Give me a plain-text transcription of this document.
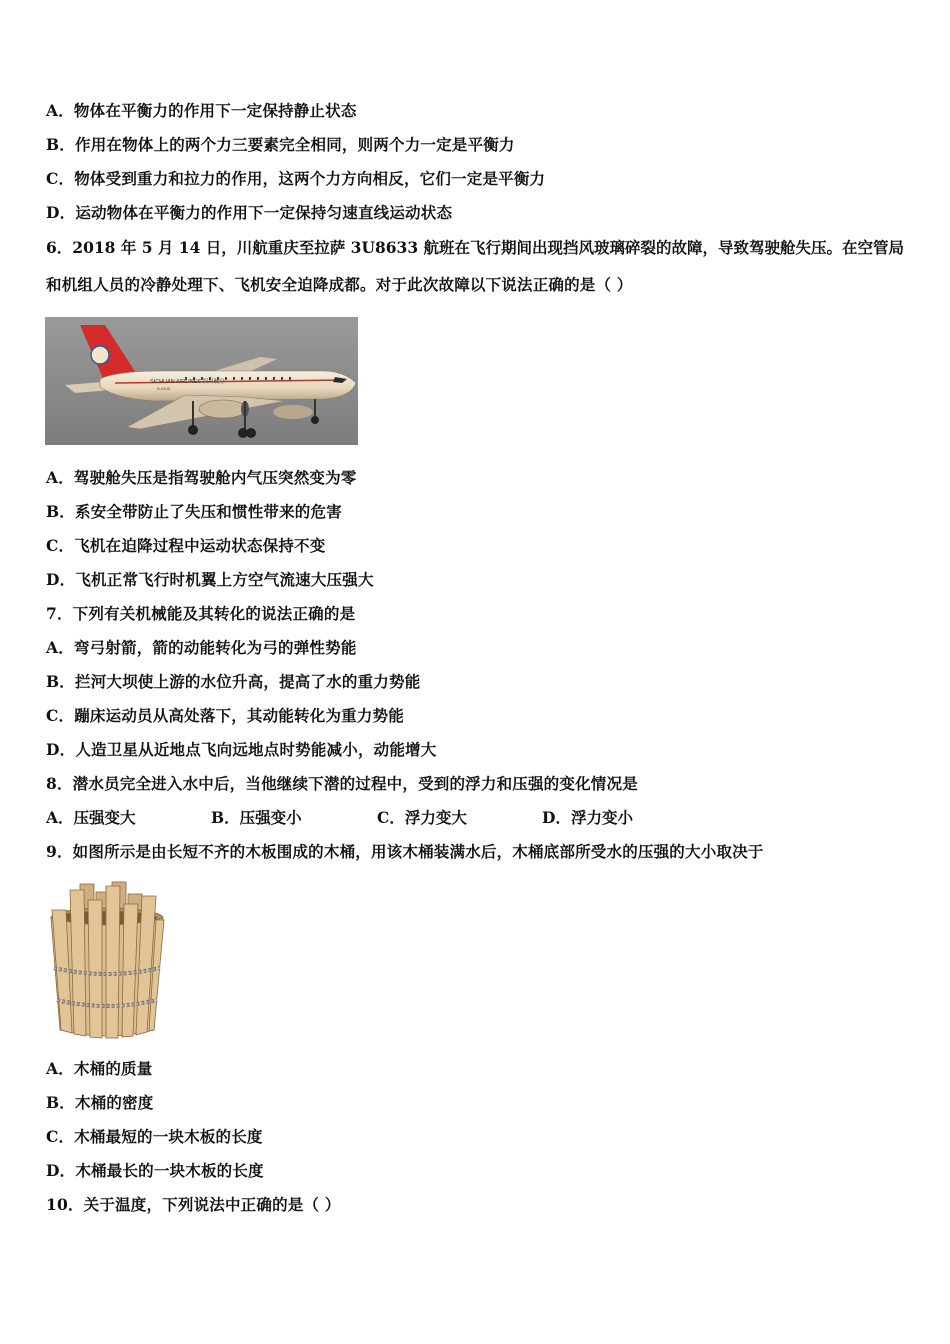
A．物体在平衡力的作用下一定保持静止状态
B．作用在物体上的两个力三要素完全相同，则两个力一定是平衡力
C．物体受到重力和拉力的作用，这两个力方向相反，它们一定是平衡力
D．运动物体在平衡力的作用下一定保持匀速直线运动状态
6．2018 年 5 月 14 日，川航重庆至拉萨 3U8633 航班在飞行期间出现挡风玻璃碎裂的故障，导致驾驶舱失压。在空管局
和机组人员的冷静处理下、飞机安全迫降成都。对于此次故障以下说法正确的是（ ）
SICHUAN AIRLINES 四川航空
B-6408
A．驾驶舱失压是指驾驶舱内气压突然变为零
B．系安全带防止了失压和惯性带来的危害
C．飞机在迫降过程中运动状态保持不变
D．飞机正常飞行时机翼上方空气流速大压强大
7．下列有关机械能及其转化的说法正确的是
A．弯弓射箭，箭的动能转化为弓的弹性势能
B．拦河大坝使上游的水位升高，提高了水的重力势能
C．蹦床运动员从高处落下，其动能转化为重力势能
D．人造卫星从近地点飞向远地点时势能减小，动能增大
8．潜水员完全进入水中后，当他继续下潜的过程中，受到的浮力和压强的变化情况是
A．压强变大	B．压强变小	C．浮力变大	D．浮力变小
9．如图所示是由长短不齐的木板围成的木桶，用该木桶装满水后，木桶底部所受水的压强的大小取决于
A．木桶的质量
B．木桶的密度
C．木桶最短的一块木板的长度
D．木桶最长的一块木板的长度
10．关于温度，下列说法中正确的是（ ）
